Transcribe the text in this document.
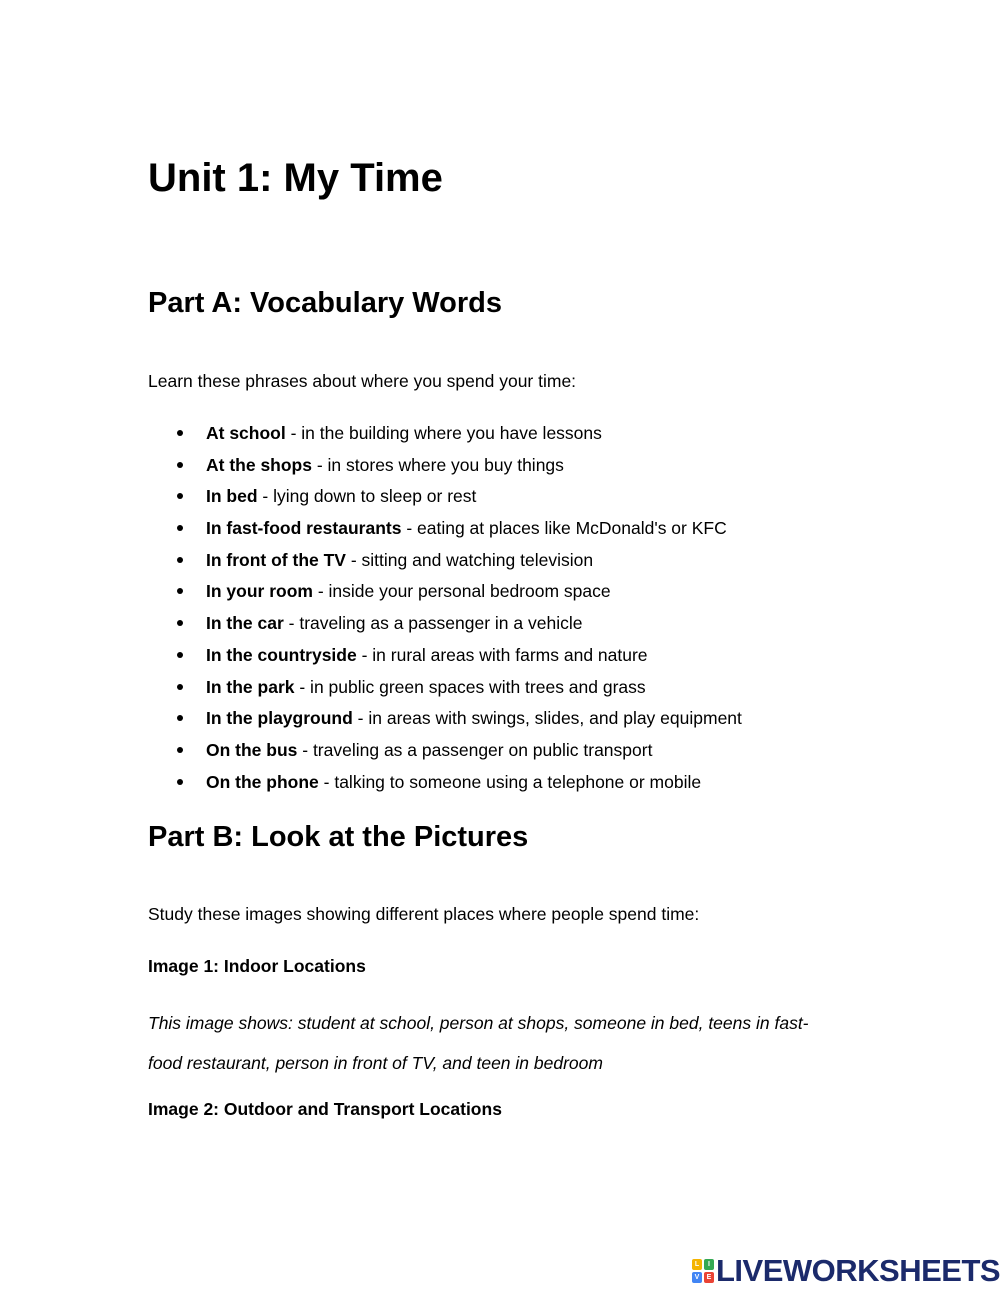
Unit 1: My Time
Part A: Vocabulary Words

Learn these phrases about where you spend your time:

At school - in the building where you have lessons
At the shops - in stores where you buy things
In bed - lying down to sleep or rest
In fast-food restaurants - eating at places like McDonald's or KFC
In front of the TV - sitting and watching television
In your room - inside your personal bedroom space
In the car - traveling as a passenger in a vehicle
In the countryside - in rural areas with farms and nature
In the park - in public green spaces with trees and grass
In the playground - in areas with swings, slides, and play equipment
On the bus - traveling as a passenger on public transport
On the phone - talking to someone using a telephone or mobile
Part B: Look at the Pictures

Study these images showing different places where people spend time:

Image 1: Indoor Locations

This image shows: student at school, person at shops, someone in bed, teens in fast-food restaurant, person in front of TV, and teen in bedroom

Image 2: Outdoor and Transport Locations

L	I
V	E LIVEWORKSHEETS
